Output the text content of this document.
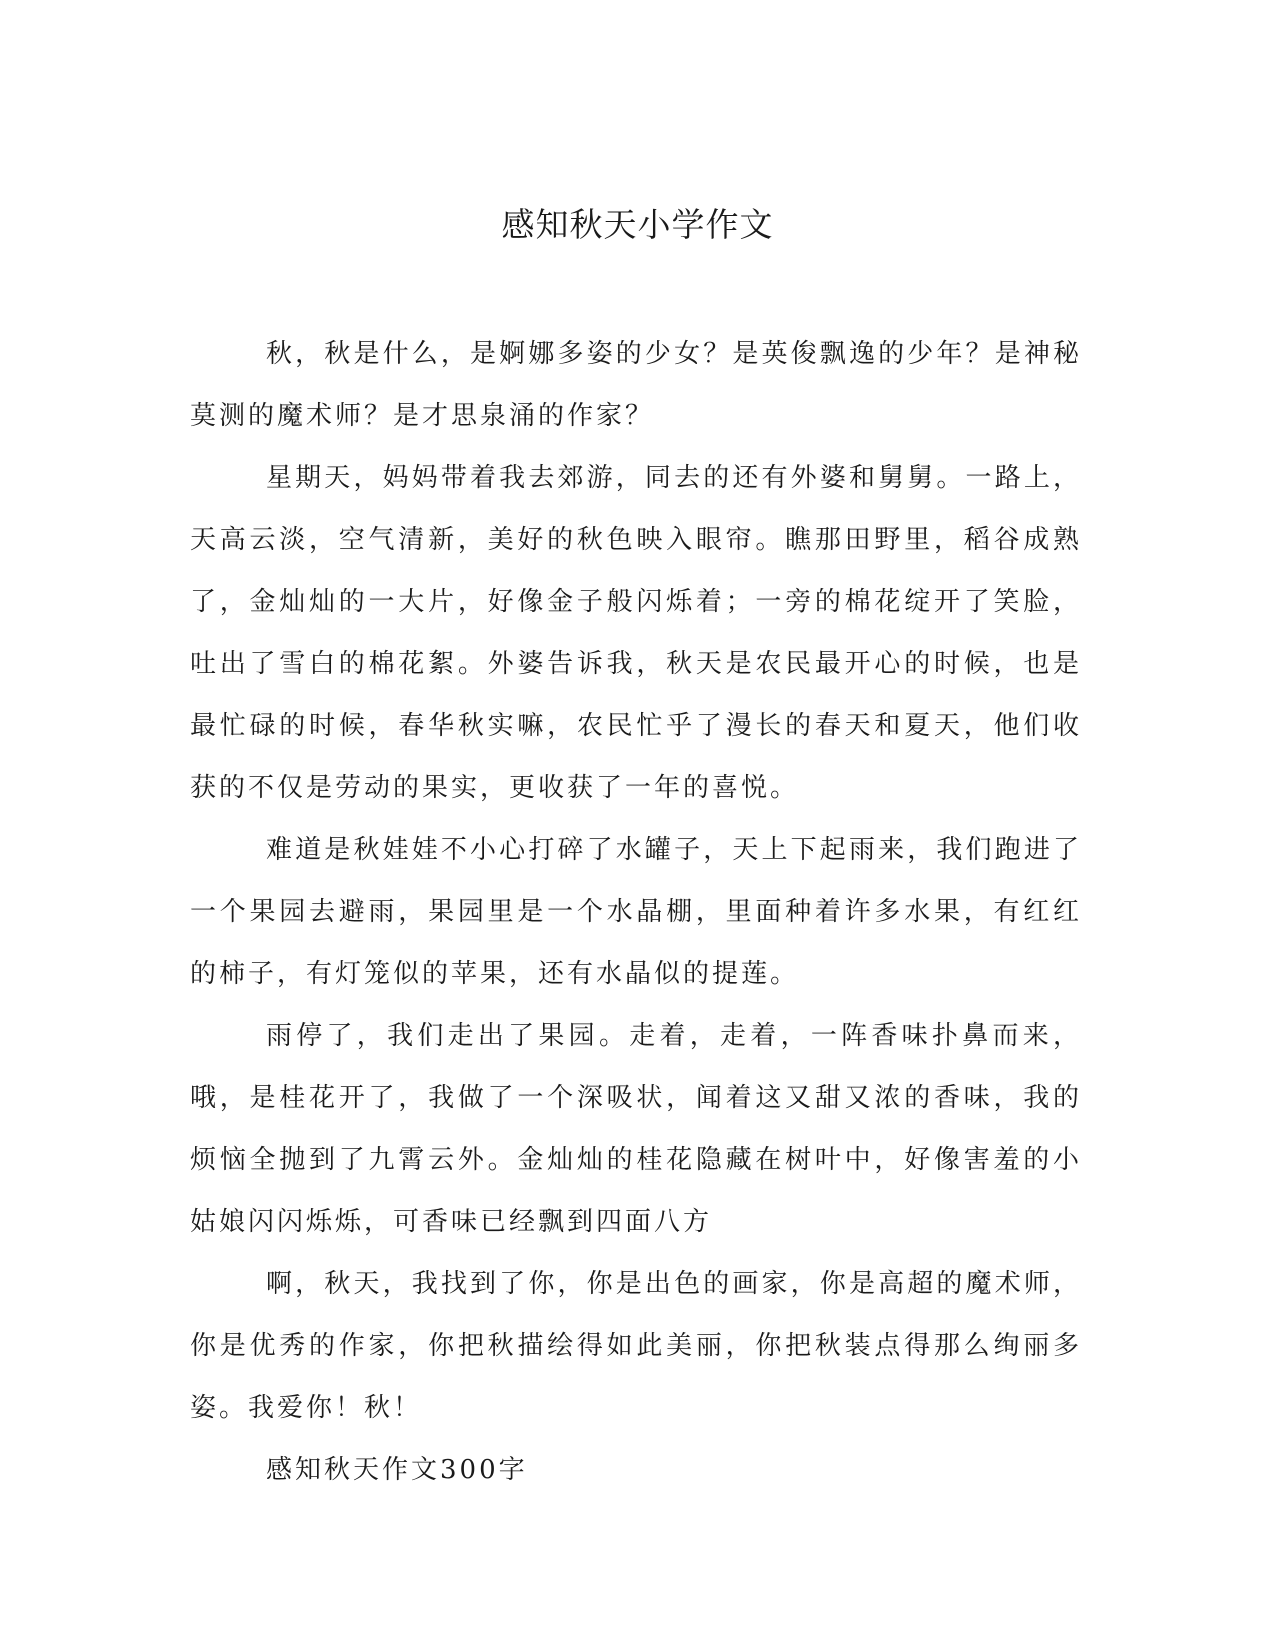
感知秋天小学作文

秋，秋是什么，是婀娜多姿的少女？是英俊飘逸的少年？是神秘莫测的魔术师？是才思泉涌的作家？

星期天，妈妈带着我去郊游，同去的还有外婆和舅舅。一路上，天高云淡，空气清新，美好的秋色映入眼帘。瞧那田野里，稻谷成熟了，金灿灿的一大片，好像金子般闪烁着；一旁的棉花绽开了笑脸，吐出了雪白的棉花絮。外婆告诉我，秋天是农民最开心的时候，也是最忙碌的时候，春华秋实嘛，农民忙乎了漫长的春天和夏天，他们收获的不仅是劳动的果实，更收获了一年的喜悦。

难道是秋娃娃不小心打碎了水罐子，天上下起雨来，我们跑进了一个果园去避雨，果园里是一个水晶棚，里面种着许多水果，有红红的柿子，有灯笼似的苹果，还有水晶似的提莲。

雨停了，我们走出了果园。走着，走着，一阵香味扑鼻而来，哦，是桂花开了，我做了一个深吸状，闻着这又甜又浓的香味，我的烦恼全抛到了九霄云外。金灿灿的桂花隐藏在树叶中，好像害羞的小姑娘闪闪烁烁，可香味已经飘到四面八方

啊，秋天，我找到了你，你是出色的画家，你是高超的魔术师，你是优秀的作家，你把秋描绘得如此美丽，你把秋装点得那么绚丽多姿。我爱你！秋！

感知秋天作文300字
